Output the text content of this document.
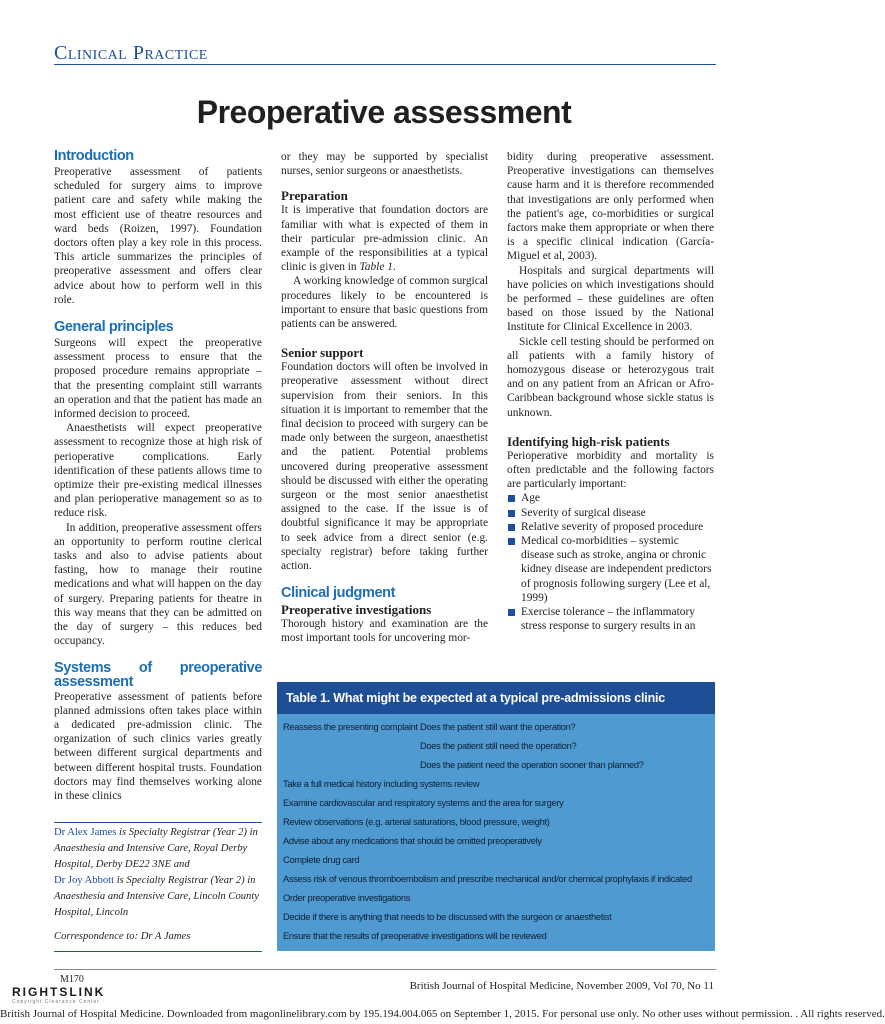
Clinical Practice
Preoperative assessment
Introduction

Preoperative assessment of patients scheduled for surgery aims to improve patient care and safety while making the most efficient use of theatre resources and ward beds (Roizen, 1997). Foundation doctors often play a key role in this process. This article summarizes the principles of preoperative assessment and offers clear advice about how to perform well in this role.

General principles

Surgeons will expect the preoperative assessment process to ensure that the proposed procedure remains appropriate – that the presenting complaint still warrants an operation and that the patient has made an informed decision to proceed.

Anaesthetists will expect preoperative assessment to recognize those at high risk of perioperative complications. Early identification of these patients allows time to optimize their pre-existing medical illnesses and plan perioperative management so as to reduce risk.

In addition, preoperative assessment offers an opportunity to perform routine clerical tasks and also to advise patients about fasting, how to manage their routine medications and what will happen on the day of surgery. Preparing patients for theatre in this way means that they can be admitted on the day of surgery – this reduces bed occupancy.

Systems of preoperative assessment

Preoperative assessment of patients before planned admissions often takes place within a dedicated pre-admission clinic. The organization of such clinics varies greatly between different surgical departments and between different hospital trusts. Foundation doctors may find themselves working alone in these clinics

Dr Alex James is Specialty Registrar (Year 2) in Anaesthesia and Intensive Care, Royal Derby Hospital, Derby DE22 3NE and
Dr Joy Abbott is Specialty Registrar (Year 2) in Anaesthesia and Intensive Care, Lincoln County Hospital, Lincoln
Correspondence to: Dr A James

or they may be supported by specialist nurses, senior surgeons or anaesthetists.

Preparation

It is imperative that foundation doctors are familiar with what is expected of them in their particular pre-admission clinic. An example of the responsibilities at a typical clinic is given in Table 1.

A working knowledge of common surgical procedures likely to be encountered is important to ensure that basic questions from patients can be answered.

Senior support

Foundation doctors will often be involved in preoperative assessment without direct supervision from their seniors. In this situation it is important to remember that the final decision to proceed with surgery can be made only between the surgeon, anaesthetist and the patient. Potential problems uncovered during preoperative assessment should be discussed with either the operating surgeon or the most senior anaesthetist assigned to the case. If the issue is of doubtful significance it may be appropriate to seek advice from a direct senior (e.g. specialty registrar) before taking further action.

Clinical judgment
Preoperative investigations

Thorough history and examination are the most important tools for uncovering mor-

bidity during preoperative assessment. Preoperative investigations can themselves cause harm and it is therefore recommended that investigations are only performed when the patient's age, co-morbidities or surgical factors make them appropriate or when there is a specific clinical indication (García-Miguel et al, 2003).

Hospitals and surgical departments will have policies on which investigations should be performed – these guidelines are often based on those issued by the National Institute for Clinical Excellence in 2003.

Sickle cell testing should be performed on all patients with a family history of homozygous disease or heterozygous trait and on any patient from an African or Afro-Caribbean background whose sickle status is unknown.

Identifying high-risk patients

Perioperative morbidity and mortality is often predictable and the following factors are particularly important:

Age
Severity of surgical disease
Relative severity of proposed procedure
Medical co-morbidities – systemic disease such as stroke, angina or chronic kidney disease are independent predictors of prognosis following surgery (Lee et al, 1999)
Exercise tolerance – the inflammatory stress response to surgery results in an
Table 1. What might be expected at a typical pre-admissions clinic
Reassess the presenting complaint Does the patient still want the operation?
Does the patient still need the operation?
Does the patient need the operation sooner than planned?
Take a full medical history including systems review
Examine cardiovascular and respiratory systems and the area for surgery
Review observations (e.g. arterial saturations, blood pressure, weight)
Advise about any medications that should be omitted preoperatively
Complete drug card
Assess risk of venous thromboembolism and prescribe mechanical and/or chemical prophylaxis if indicated
Order preoperative investigations
Decide if there is anything that needs to be discussed with the surgeon or anaesthetist
Ensure that the results of preoperative investigations will be reviewed
M170
British Journal of Hospital Medicine, November 2009, Vol 70, No 11
RIGHTSLINK
Copyright Clearance Center
British Journal of Hospital Medicine. Downloaded from magonlinelibrary.com by 195.194.004.065 on September 1, 2015. For personal use only. No other uses without permission. . All rights reserved.
